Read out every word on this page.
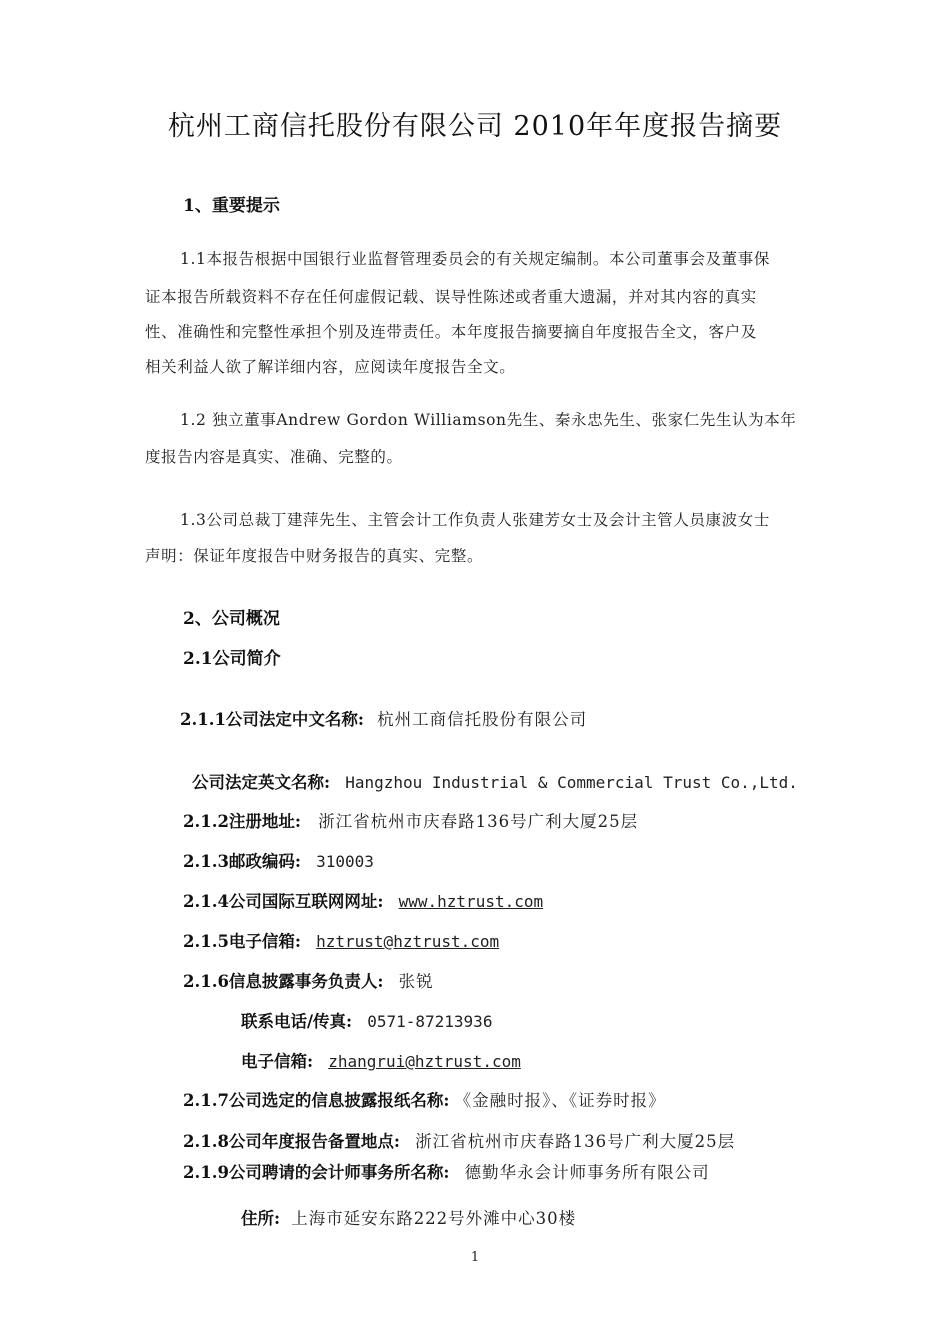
杭州工商信托股份有限公司 2010年年度报告摘要
1、重要提示
1.1本报告根据中国银行业监督管理委员会的有关规定编制。本公司董事会及董事保
证本报告所载资料不存在任何虚假记载、误导性陈述或者重大遗漏，并对其内容的真实
性、准确性和完整性承担个别及连带责任。本年度报告摘要摘自年度报告全文，客户及
相关利益人欲了解详细内容，应阅读年度报告全文。
1.2 独立董事Andrew Gordon Williamson先生、秦永忠先生、张家仁先生认为本年
度报告内容是真实、准确、完整的。
1.3公司总裁丁建萍先生、主管会计工作负责人张建芳女士及会计主管人员康波女士
声明：保证年度报告中财务报告的真实、完整。
2、公司概况
2.1公司简介
2.1.1公司法定中文名称: 杭州工商信托股份有限公司
公司法定英文名称: Hangzhou Industrial & Commercial Trust Co.,Ltd.
2.1.2注册地址: 浙江省杭州市庆春路136号广利大厦25层
2.1.3邮政编码: 310003
2.1.4公司国际互联网网址: www.hztrust.com
2.1.5电子信箱: hztrust@hztrust.com
2.1.6信息披露事务负责人: 张锐
联系电话/传真: 0571-87213936
电子信箱: zhangrui@hztrust.com
2.1.7公司选定的信息披露报纸名称: 《金融时报》、《证券时报》
2.1.8公司年度报告备置地点: 浙江省杭州市庆春路136号广利大厦25层
2.1.9公司聘请的会计师事务所名称: 德勤华永会计师事务所有限公司
住所: 上海市延安东路222号外滩中心30楼
1
